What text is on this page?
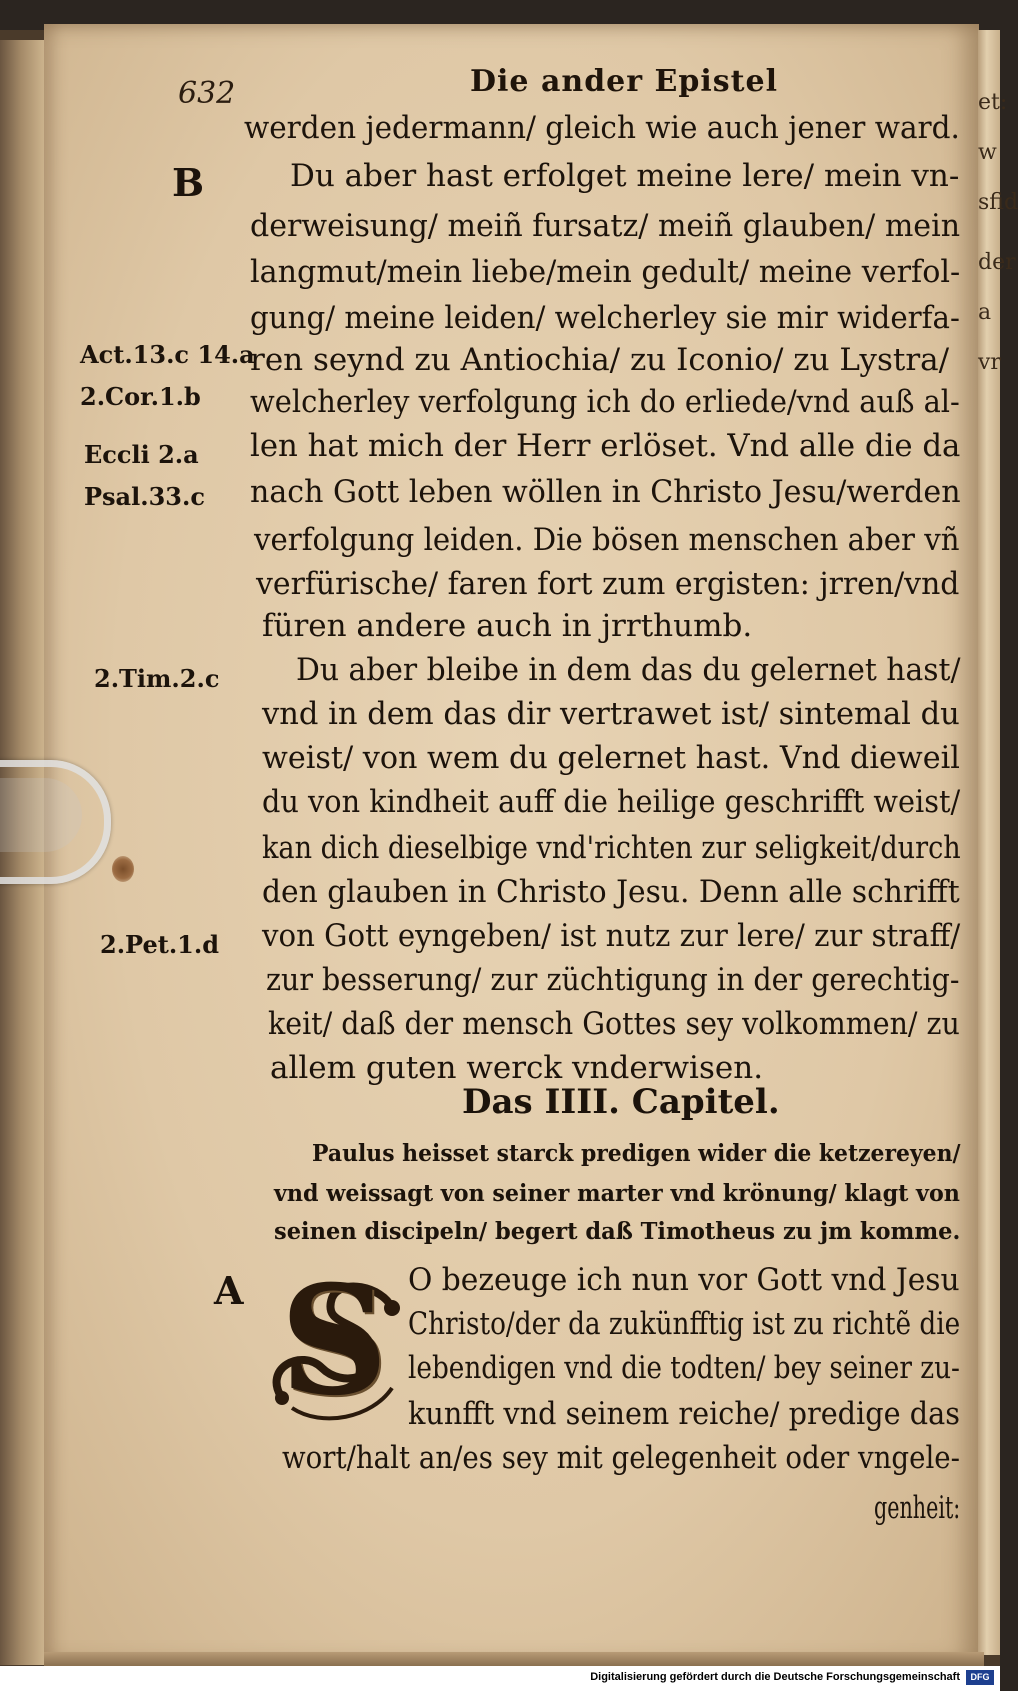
et:
w
sfid
der
a
vr
632	Die ander Epistel
B
A
Act.13.c 14.a
2.Cor.1.b
Eccli 2.a
Psal.33.c
2.Tim.2.c
2.Pet.1.d
werden jedermann/ gleich wie auch jener ward.
Du aber hast erfolget meine lere/ mein vn-
derweisung/ meiñ fursatz/ meiñ glauben/ mein
langmut/mein liebe/mein gedult/ meine verfol-
gung/ meine leiden/ welcherley sie mir widerfa-
ren seynd zu Antiochia/ zu Iconio/ zu Lystra/
welcherley verfolgung ich do erliede/vnd auß al-
len hat mich der Herr erlöset. Vnd alle die da
nach Gott leben wöllen in Christo Jesu/werden
verfolgung leiden. Die bösen menschen aber vñ
verfürische/ faren fort zum ergisten: jrren/vnd
füren andere auch in jrrthumb.
Du aber bleibe in dem das du gelernet hast/
vnd in dem das dir vertrawet ist/ sintemal du
weist/ von wem du gelernet hast. Vnd dieweil
du von kindheit auff die heilige geschrifft weist/
kan dich dieselbige vnd'richten zur seligkeit/durch
den glauben in Christo Jesu. Denn alle schrifft
von Gott eyngeben/ ist nutz zur lere/ zur straff/
zur besserung/ zur züchtigung in der gerechtig-
keit/ daß der mensch Gottes sey volkommen/ zu
allem guten werck vnderwisen.
Das IIII. Capitel.
Paulus heisset starck predigen wider die ketzereyen/
vnd weissagt von seiner marter vnd krönung/ klagt von
seinen discipeln/ begert daß Timotheus zu jm komme.
S O bezeuge ich nun vor Gott vnd Jesu
Christo/der da zukünfftig ist zu richtẽ die
lebendigen vnd die todten/ bey seiner zu-
kunfft vnd seinem reiche/ predige das
wort/halt an/es sey mit gelegenheit oder vngele-
genheit:
Digitalisierung gefördert durch die Deutsche Forschungsgemeinschaft	DFG
